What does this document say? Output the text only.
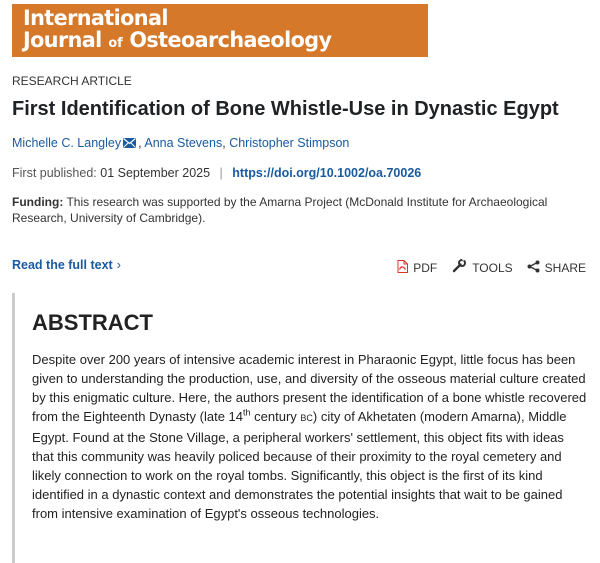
International
Journal of Osteoarchaeology
RESEARCH ARTICLE
First Identification of Bone Whistle-Use in Dynastic Egypt
Michelle C. Langley , Anna Stevens, Christopher Stimpson
First published: 01 September 2025 | https://doi.org/10.1002/oa.70026
Funding: This research was supported by the Amarna Project (McDonald Institute for Archaeological Research, University of Cambridge).
Read the full text ›	PDF	TOOLS	SHARE
ABSTRACT

Despite over 200 years of intensive academic interest in Pharaonic Egypt, little focus has been given to understanding the production, use, and diversity of the osseous material culture created by this enigmatic culture. Here, the authors present the identification of a bone whistle recovered from the Eighteenth Dynasty (late 14th century BC) city of Akhetaten (modern Amarna), Middle Egypt. Found at the Stone Village, a peripheral workers' settlement, this object fits with ideas that this community was heavily policed because of their proximity to the royal cemetery and likely connection to work on the royal tombs. Significantly, this object is the first of its kind identified in a dynastic context and demonstrates the potential insights that wait to be gained from intensive examination of Egypt's osseous technologies.
